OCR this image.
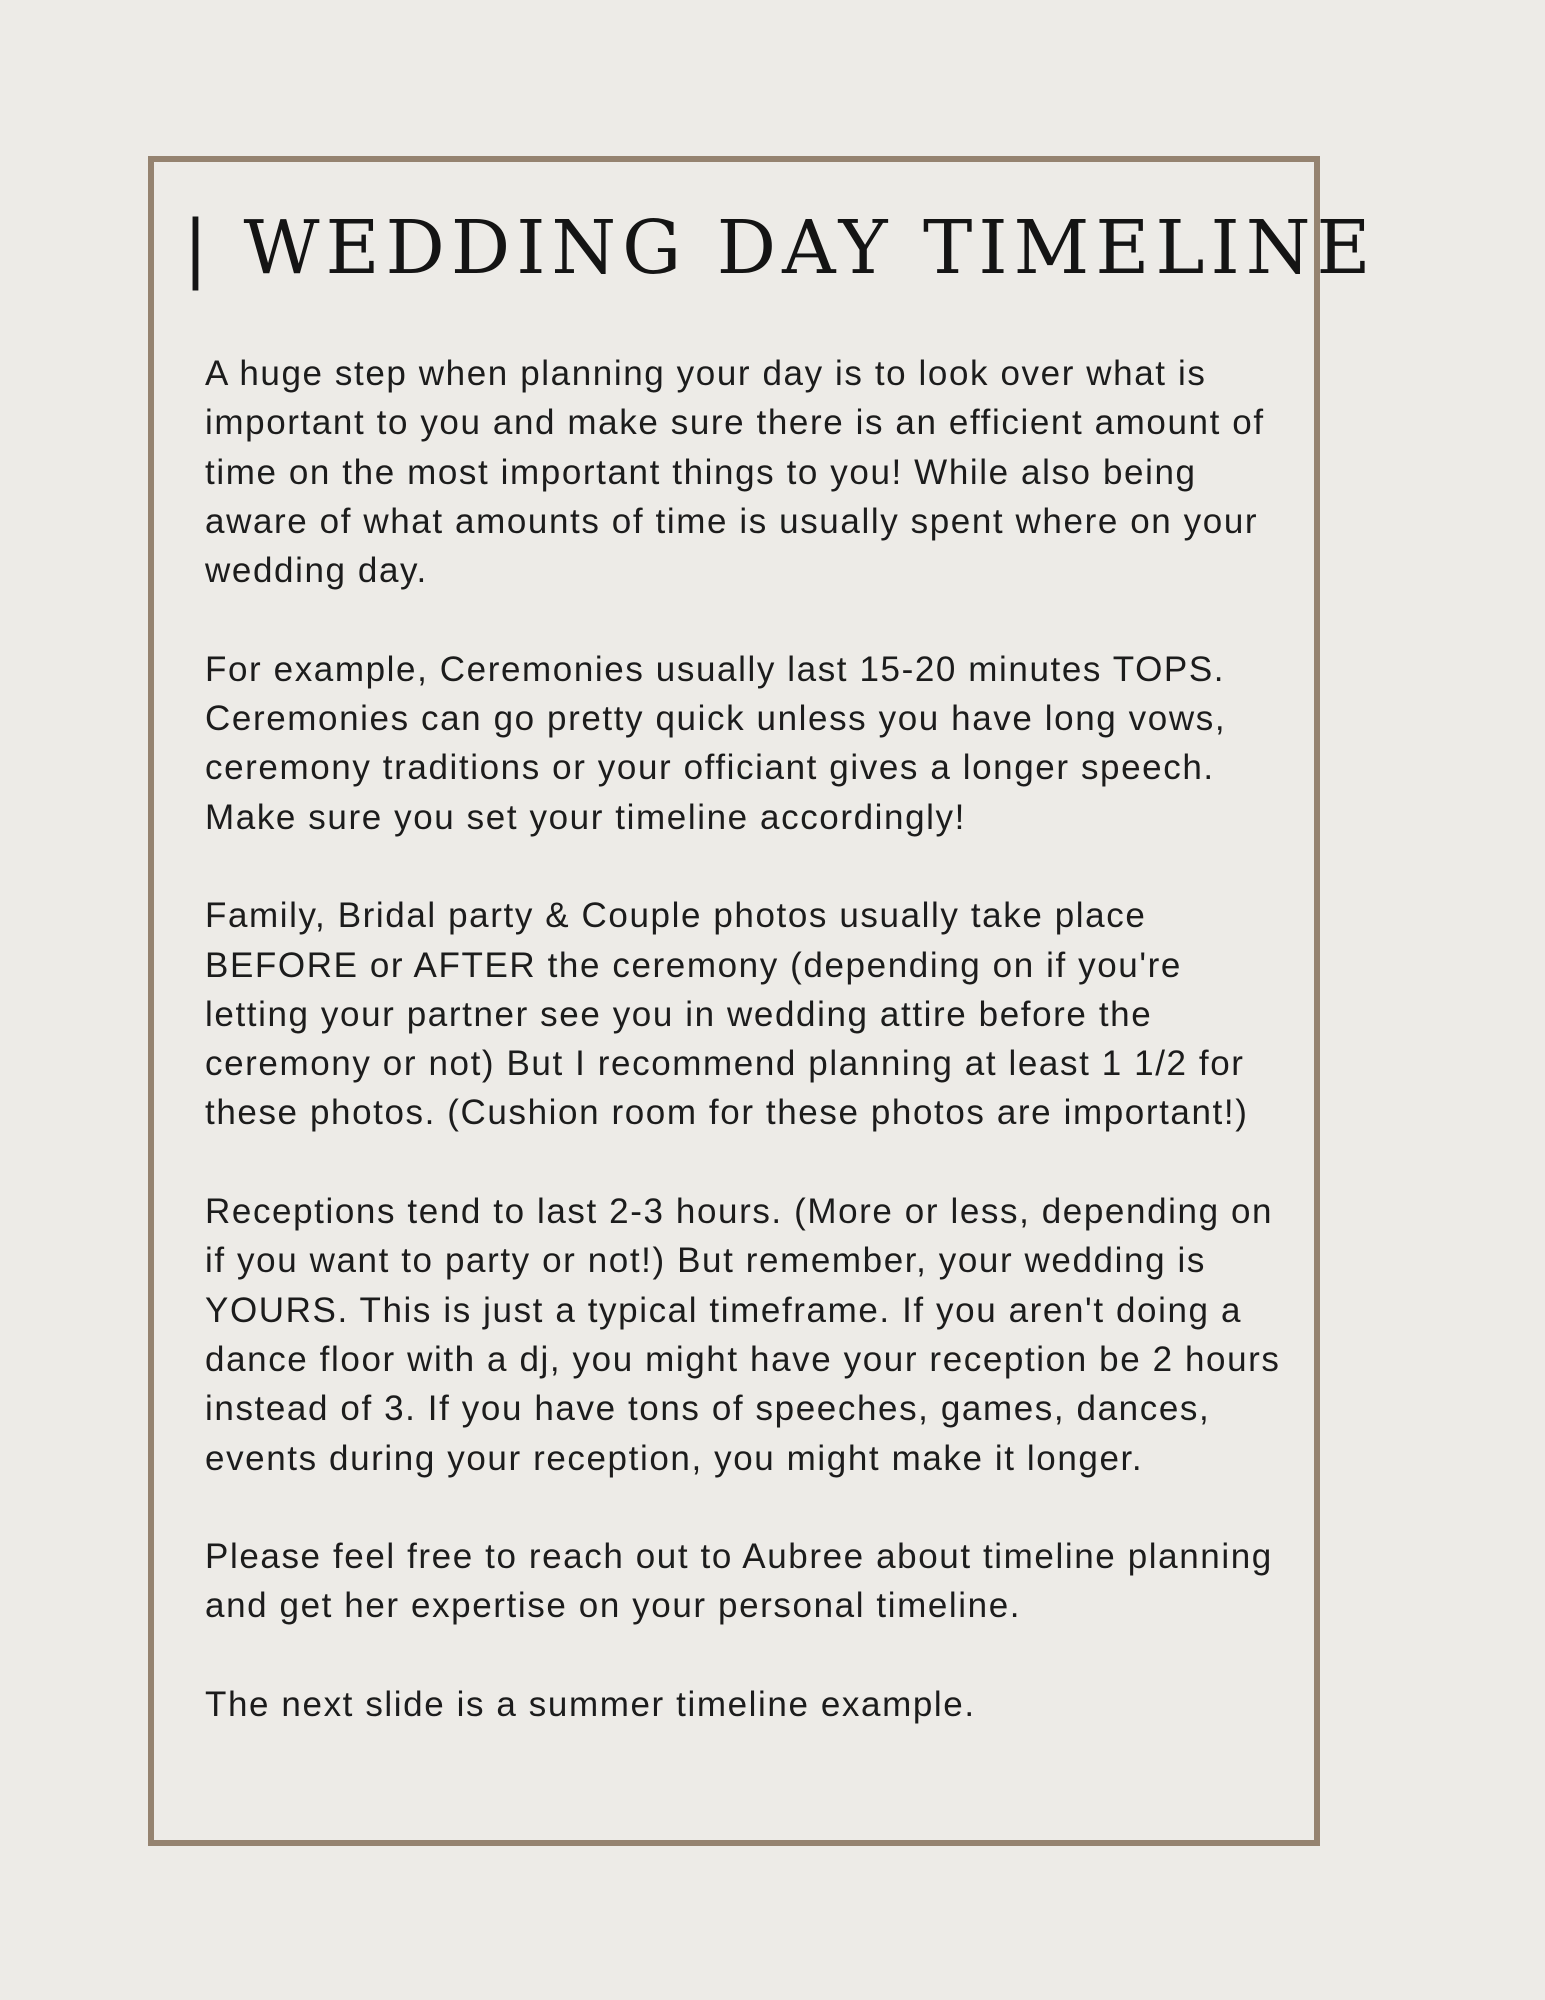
| WEDDING DAY TIMELINE

A huge step when planning your day is to look over what is important to you and make sure there is an efficient amount of time on the most important things to you! While also being aware of what amounts of time is usually spent where on your wedding day.

For example, Ceremonies usually last 15-20 minutes TOPS. Ceremonies can go pretty quick unless you have long vows, ceremony traditions or your officiant gives a longer speech. Make sure you set your timeline accordingly!

Family, Bridal party & Couple photos usually take place BEFORE or AFTER the ceremony (depending on if you're letting your partner see you in wedding attire before the ceremony or not) But I recommend planning at least 1 1/2 for these photos. (Cushion room for these photos are important!)

Receptions tend to last 2-3 hours. (More or less, depending on if you want to party or not!) But remember, your wedding is YOURS. This is just a typical timeframe. If you aren't doing a dance floor with a dj, you might have your reception be 2 hours instead of 3. If you have tons of speeches, games, dances, events during your reception, you might make it longer.

Please feel free to reach out to Aubree about timeline planning and get her expertise on your personal timeline.

The next slide is a summer timeline example.
